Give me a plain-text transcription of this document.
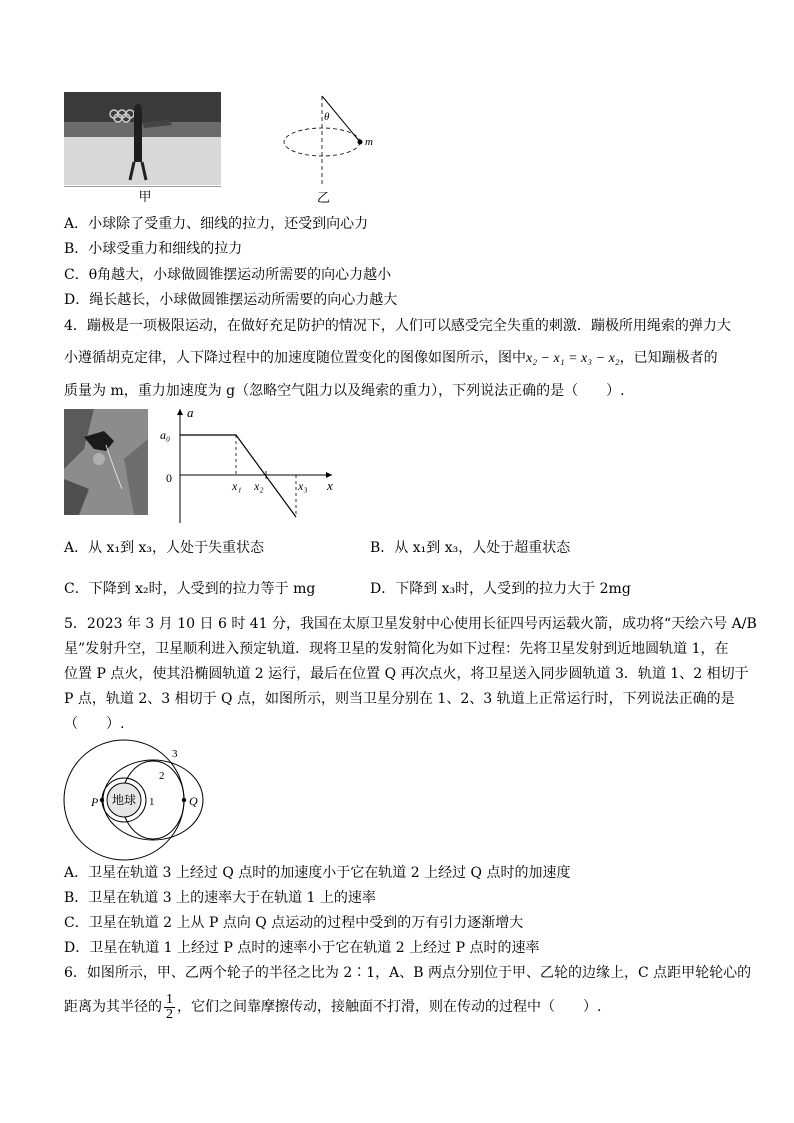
甲
θ
m
乙
A．小球除了受重力、细线的拉力，还受到向心力
B．小球受重力和细线的拉力
C．θ角越大，小球做圆锥摆运动所需要的向心力越小
D．绳长越长，小球做圆锥摆运动所需要的向心力越大
4．蹦极是一项极限运动，在做好充足防护的情况下，人们可以感受完全失重的刺激．蹦极所用绳索的弹力大
小遵循胡克定律，人下降过程中的加速度随位置变化的图像如图所示，图中x₂ − x₁ = x₃ − x₂，已知蹦极者的
质量为 m，重力加速度为 g（忽略空气阻力以及绳索的重力），下列说法正确的是（　　）.
a
x
a₀
0
x₁ x₂	x₃
A．从 x₁到 x₃，人处于失重状态	B．从 x₁到 x₃，人处于超重状态
C．下降到 x₂时，人受到的拉力等于 mg	D．下降到 x₃时，人受到的拉力大于 2mg
5．2023 年 3 月 10 日 6 时 41 分，我国在太原卫星发射中心使用长征四号丙运载火箭，成功将“天绘六号 A/B
星”发射升空，卫星顺利进入预定轨道．现将卫星的发射简化为如下过程：先将卫星发射到近地圆轨道 1，在
位置 P 点火，使其沿椭圆轨道 2 运行，最后在位置 Q 再次点火，将卫星送入同步圆轨道 3．轨道 1、2 相切于
P 点，轨道 2、3 相切于 Q 点，如图所示，则当卫星分别在 1、2、3 轨道上正常运行时，下列说法正确的是
（　　）.
地球
P	Q
1
2
3
A．卫星在轨道 3 上经过 Q 点时的加速度小于它在轨道 2 上经过 Q 点时的加速度
B．卫星在轨道 3 上的速率大于在轨道 1 上的速率
C．卫星在轨道 2 上从 P 点向 Q 点运动的过程中受到的万有引力逐渐增大
D．卫星在轨道 1 上经过 P 点时的速率小于它在轨道 2 上经过 P 点时的速率
6．如图所示，甲、乙两个轮子的半径之比为 2∶1，A、B 两点分别位于甲、乙轮的边缘上，C 点距甲轮轮心的
距离为其半径的 $\frac{1}{2}$ ，它们之间靠摩擦传动，接触面不打滑，则在传动的过程中（　　）.
